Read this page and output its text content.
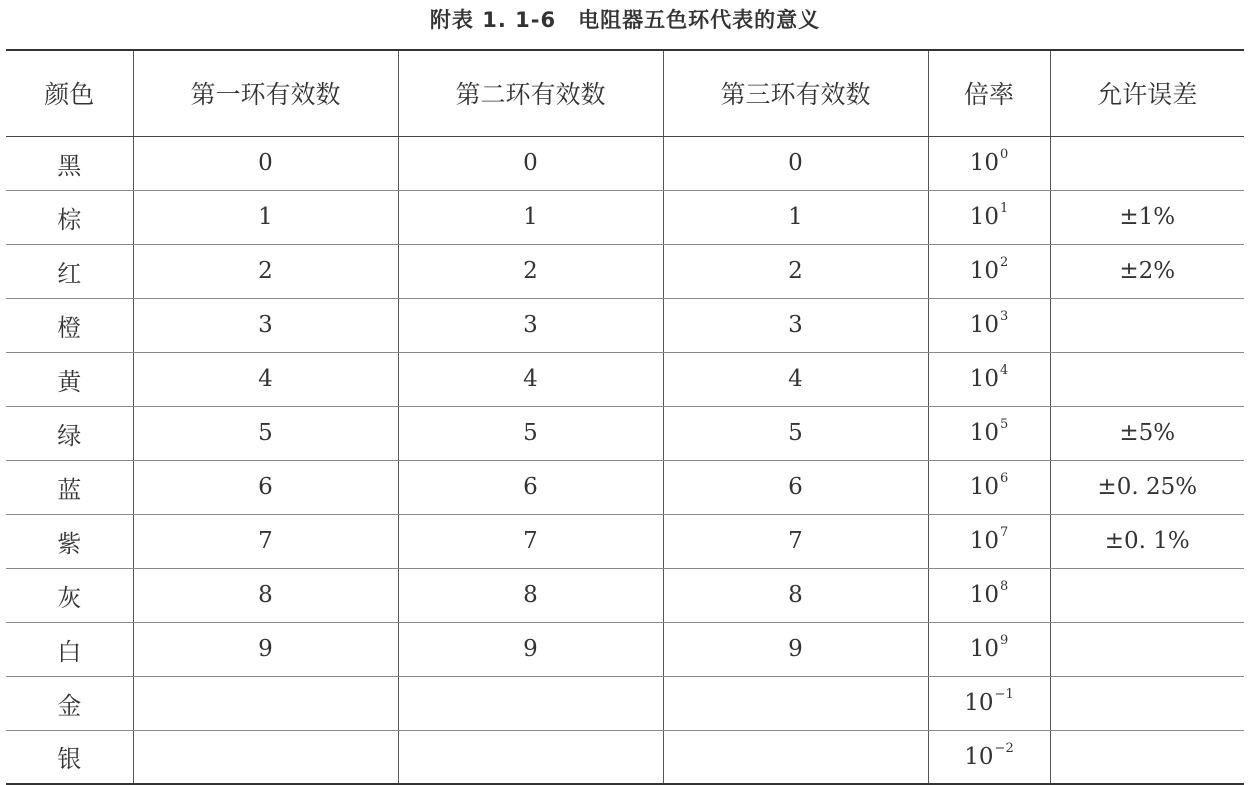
附表 1. 1-6 电阻器五色环代表的意义
颜色	第一环有效数	第二环有效数	第三环有效数	倍率	允许误差
黑	0	0	0	$10^0$	
棕	1	1	1	$10^1$	±1%
红	2	2	2	$10^2$	±2%
橙	3	3	3	$10^3$	
黄	4	4	4	$10^4$	
绿	5	5	5	$10^5$	±5%
蓝	6	6	6	$10^6$	±0. 25%
紫	7	7	7	$10^7$	±0. 1%
灰	8	8	8	$10^8$	
白	9	9	9	$10^9$	
金				$10^{-1}$	
银				$10^{-2}$	
